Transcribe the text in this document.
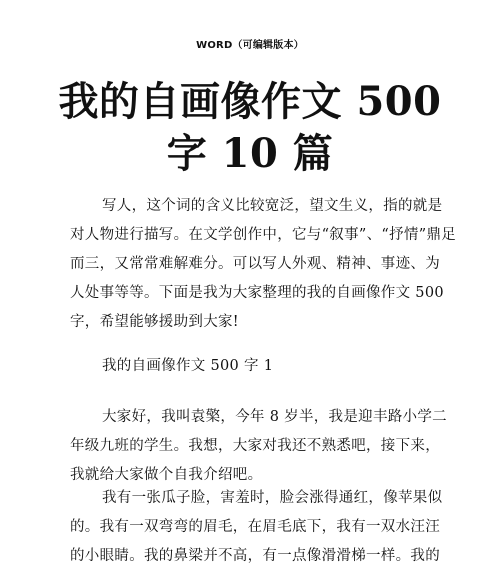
WORD（可编辑版本）
我的自画像作文 500
字 10 篇
写人，这个词的含义比较宽泛，望文生义，指的就是
对人物进行描写。在文学创作中，它与“叙事”、“抒情”鼎足
而三，又常常难解难分。可以写人外观、精神、事迹、为
人处事等等。下面是我为大家整理的我的自画像作文 500
字，希望能够援助到大家!
我的自画像作文 500 字 1
大家好，我叫袁檠，今年 8 岁半，我是迎丰路小学二
年级九班的学生。我想，大家对我还不熟悉吧，接下来，
我就给大家做个自我介绍吧。
我有一张瓜子脸，害羞时，脸会涨得通红，像苹果似
的。我有一双弯弯的眉毛，在眉毛底下，我有一双水汪汪
的小眼睛。我的鼻梁并不高，有一点像滑滑梯一样。我的
